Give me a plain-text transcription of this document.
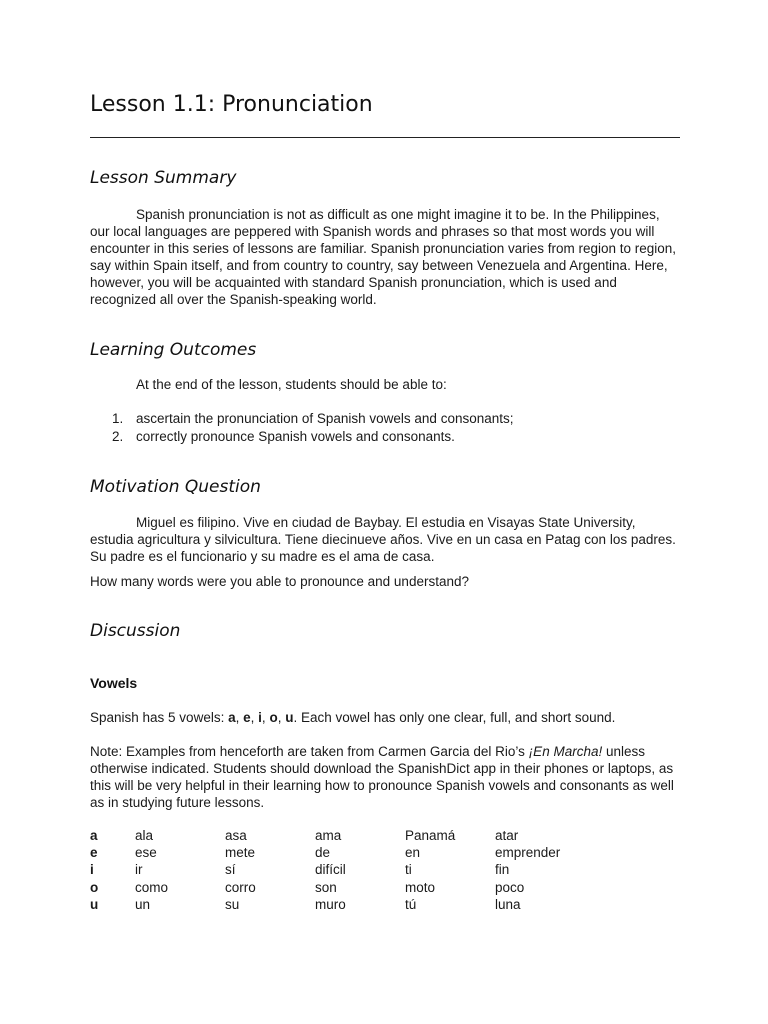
Lesson 1.1: Pronunciation
Lesson Summary

Spanish pronunciation is not as difficult as one might imagine it to be. In the Philippines, our local languages are peppered with Spanish words and phrases so that most words you will encounter in this series of lessons are familiar. Spanish pronunciation varies from region to region, say within Spain itself, and from country to country, say between Venezuela and Argentina. Here, however, you will be acquainted with standard Spanish pronunciation, which is used and recognized all over the Spanish-speaking world.

Learning Outcomes

At the end of the lesson, students should be able to:

1. ascertain the pronunciation of Spanish vowels and consonants;
2. correctly pronounce Spanish vowels and consonants.
Motivation Question

Miguel es filipino. Vive en ciudad de Baybay. El estudia en Visayas State University, estudia agricultura y silvicultura. Tiene diecinueve años. Vive en un casa en Patag con los padres. Su padre es el funcionario y su madre es el ama de casa.

How many words were you able to pronounce and understand?

Discussion
Vowels

Spanish has 5 vowels: a, e, i, o, u. Each vowel has only one clear, full, and short sound.

Note: Examples from henceforth are taken from Carmen Garcia del Rio’s ¡En Marcha! unless otherwise indicated. Students should download the SpanishDict app in their phones or laptops, as this will be very helpful in their learning how to pronounce Spanish vowels and consonants as well as in studying future lessons.

a	ala	asa	ama	Panamá	atar
e	ese	mete	de	en	emprender
i	ir	sí	difícil	ti	fin
o	como	corro	son	moto	poco
u	un	su	muro	tú	luna
